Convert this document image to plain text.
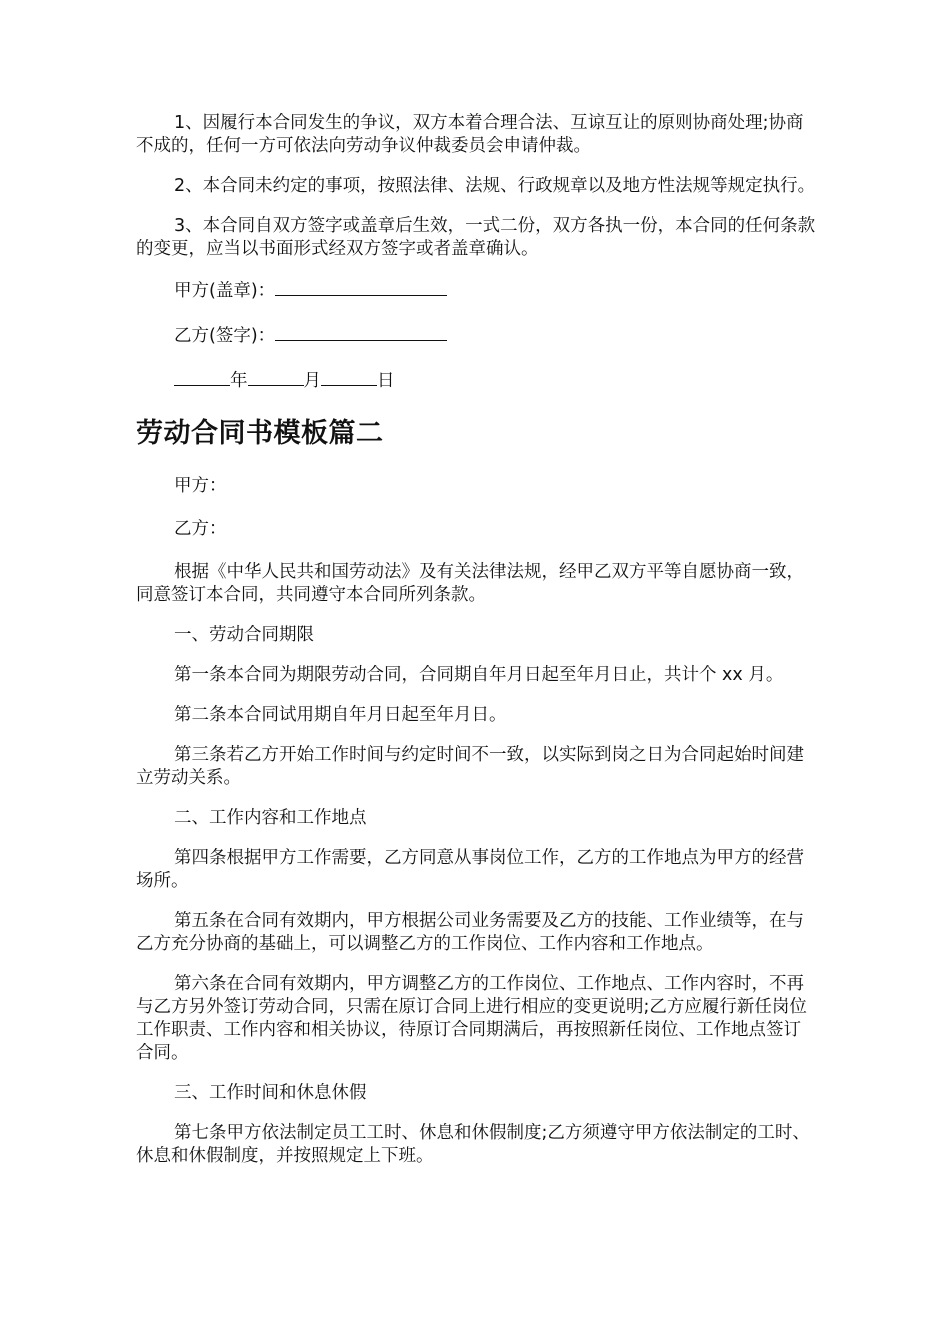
1、因履行本合同发生的争议，双方本着合理合法、互谅互让的原则协商处理;协商不成的，任何一方可依法向劳动争议仲裁委员会申请仲裁。

2、本合同未约定的事项，按照法律、法规、行政规章以及地方性法规等规定执行。

3、本合同自双方签字或盖章后生效，一式二份，双方各执一份，本合同的任何条款的变更，应当以书面形式经双方签字或者盖章确认。

甲方(盖章)：

乙方(签字)：

年	月	日

劳动合同书模板篇二

甲方：

乙方：

根据《中华人民共和国劳动法》及有关法律法规，经甲乙双方平等自愿协商一致，同意签订本合同，共同遵守本合同所列条款。

一、劳动合同期限

第一条本合同为期限劳动合同，合同期自年月日起至年月日止，共计个 xx 月。

第二条本合同试用期自年月日起至年月日。

第三条若乙方开始工作时间与约定时间不一致，以实际到岗之日为合同起始时间建立劳动关系。

二、工作内容和工作地点

第四条根据甲方工作需要，乙方同意从事岗位工作，乙方的工作地点为甲方的经营场所。

第五条在合同有效期内，甲方根据公司业务需要及乙方的技能、工作业绩等，在与乙方充分协商的基础上，可以调整乙方的工作岗位、工作内容和工作地点。

第六条在合同有效期内，甲方调整乙方的工作岗位、工作地点、工作内容时，不再与乙方另外签订劳动合同，只需在原订合同上进行相应的变更说明;乙方应履行新任岗位工作职责、工作内容和相关协议，待原订合同期满后，再按照新任岗位、工作地点签订合同。

三、工作时间和休息休假

第七条甲方依法制定员工工时、休息和休假制度;乙方须遵守甲方依法制定的工时、休息和休假制度，并按照规定上下班。
